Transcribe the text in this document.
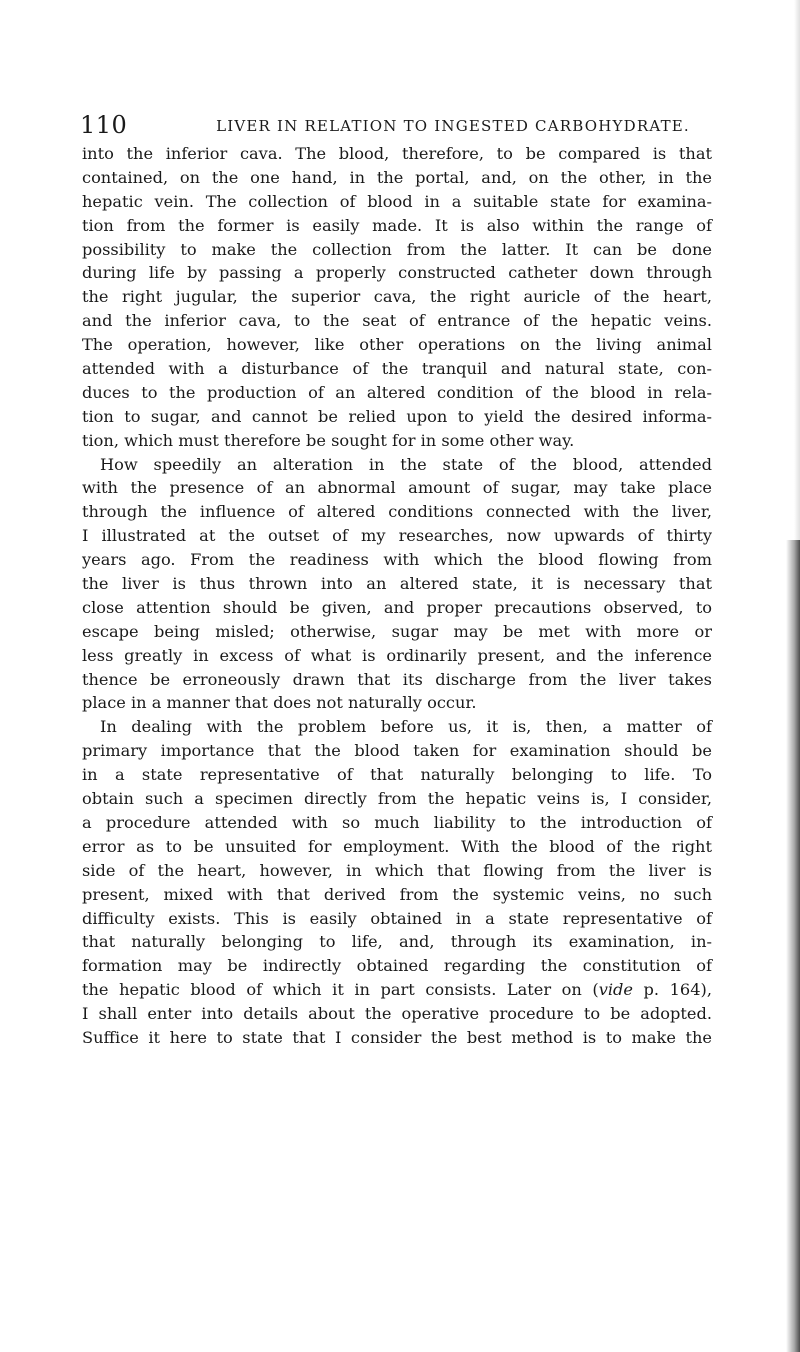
110	LIVER IN RELATION TO INGESTED CARBOHYDRATE.
into the inferior cava. The blood, therefore, to be compared is that
contained, on the one hand, in the portal, and, on the other, in the
hepatic vein. The collection of blood in a suitable state for examina-
tion from the former is easily made. It is also within the range of
possibility to make the collection from the latter. It can be done
during life by passing a properly constructed catheter down through
the right jugular, the superior cava, the right auricle of the heart,
and the inferior cava, to the seat of entrance of the hepatic veins.
The operation, however, like other operations on the living animal
attended with a disturbance of the tranquil and natural state, con-
duces to the production of an altered condition of the blood in rela-
tion to sugar, and cannot be relied upon to yield the desired informa-
tion, which must therefore be sought for in some other way.
How speedily an alteration in the state of the blood, attended
with the presence of an abnormal amount of sugar, may take place
through the influence of altered conditions connected with the liver,
I illustrated at the outset of my researches, now upwards of thirty
years ago. From the readiness with which the blood flowing from
the liver is thus thrown into an altered state, it is necessary that
close attention should be given, and proper precautions observed, to
escape being misled; otherwise, sugar may be met with more or
less greatly in excess of what is ordinarily present, and the inference
thence be erroneously drawn that its discharge from the liver takes
place in a manner that does not naturally occur.
In dealing with the problem before us, it is, then, a matter of
primary importance that the blood taken for examination should be
in a state representative of that naturally belonging to life. To
obtain such a specimen directly from the hepatic veins is, I consider,
a procedure attended with so much liability to the introduction of
error as to be unsuited for employment. With the blood of the right
side of the heart, however, in which that flowing from the liver is
present, mixed with that derived from the systemic veins, no such
difficulty exists. This is easily obtained in a state representative of
that naturally belonging to life, and, through its examination, in-
formation may be indirectly obtained regarding the constitution of
the hepatic blood of which it in part consists. Later on (vide p. 164),
I shall enter into details about the operative procedure to be adopted.
Suffice it here to state that I consider the best method is to make the
